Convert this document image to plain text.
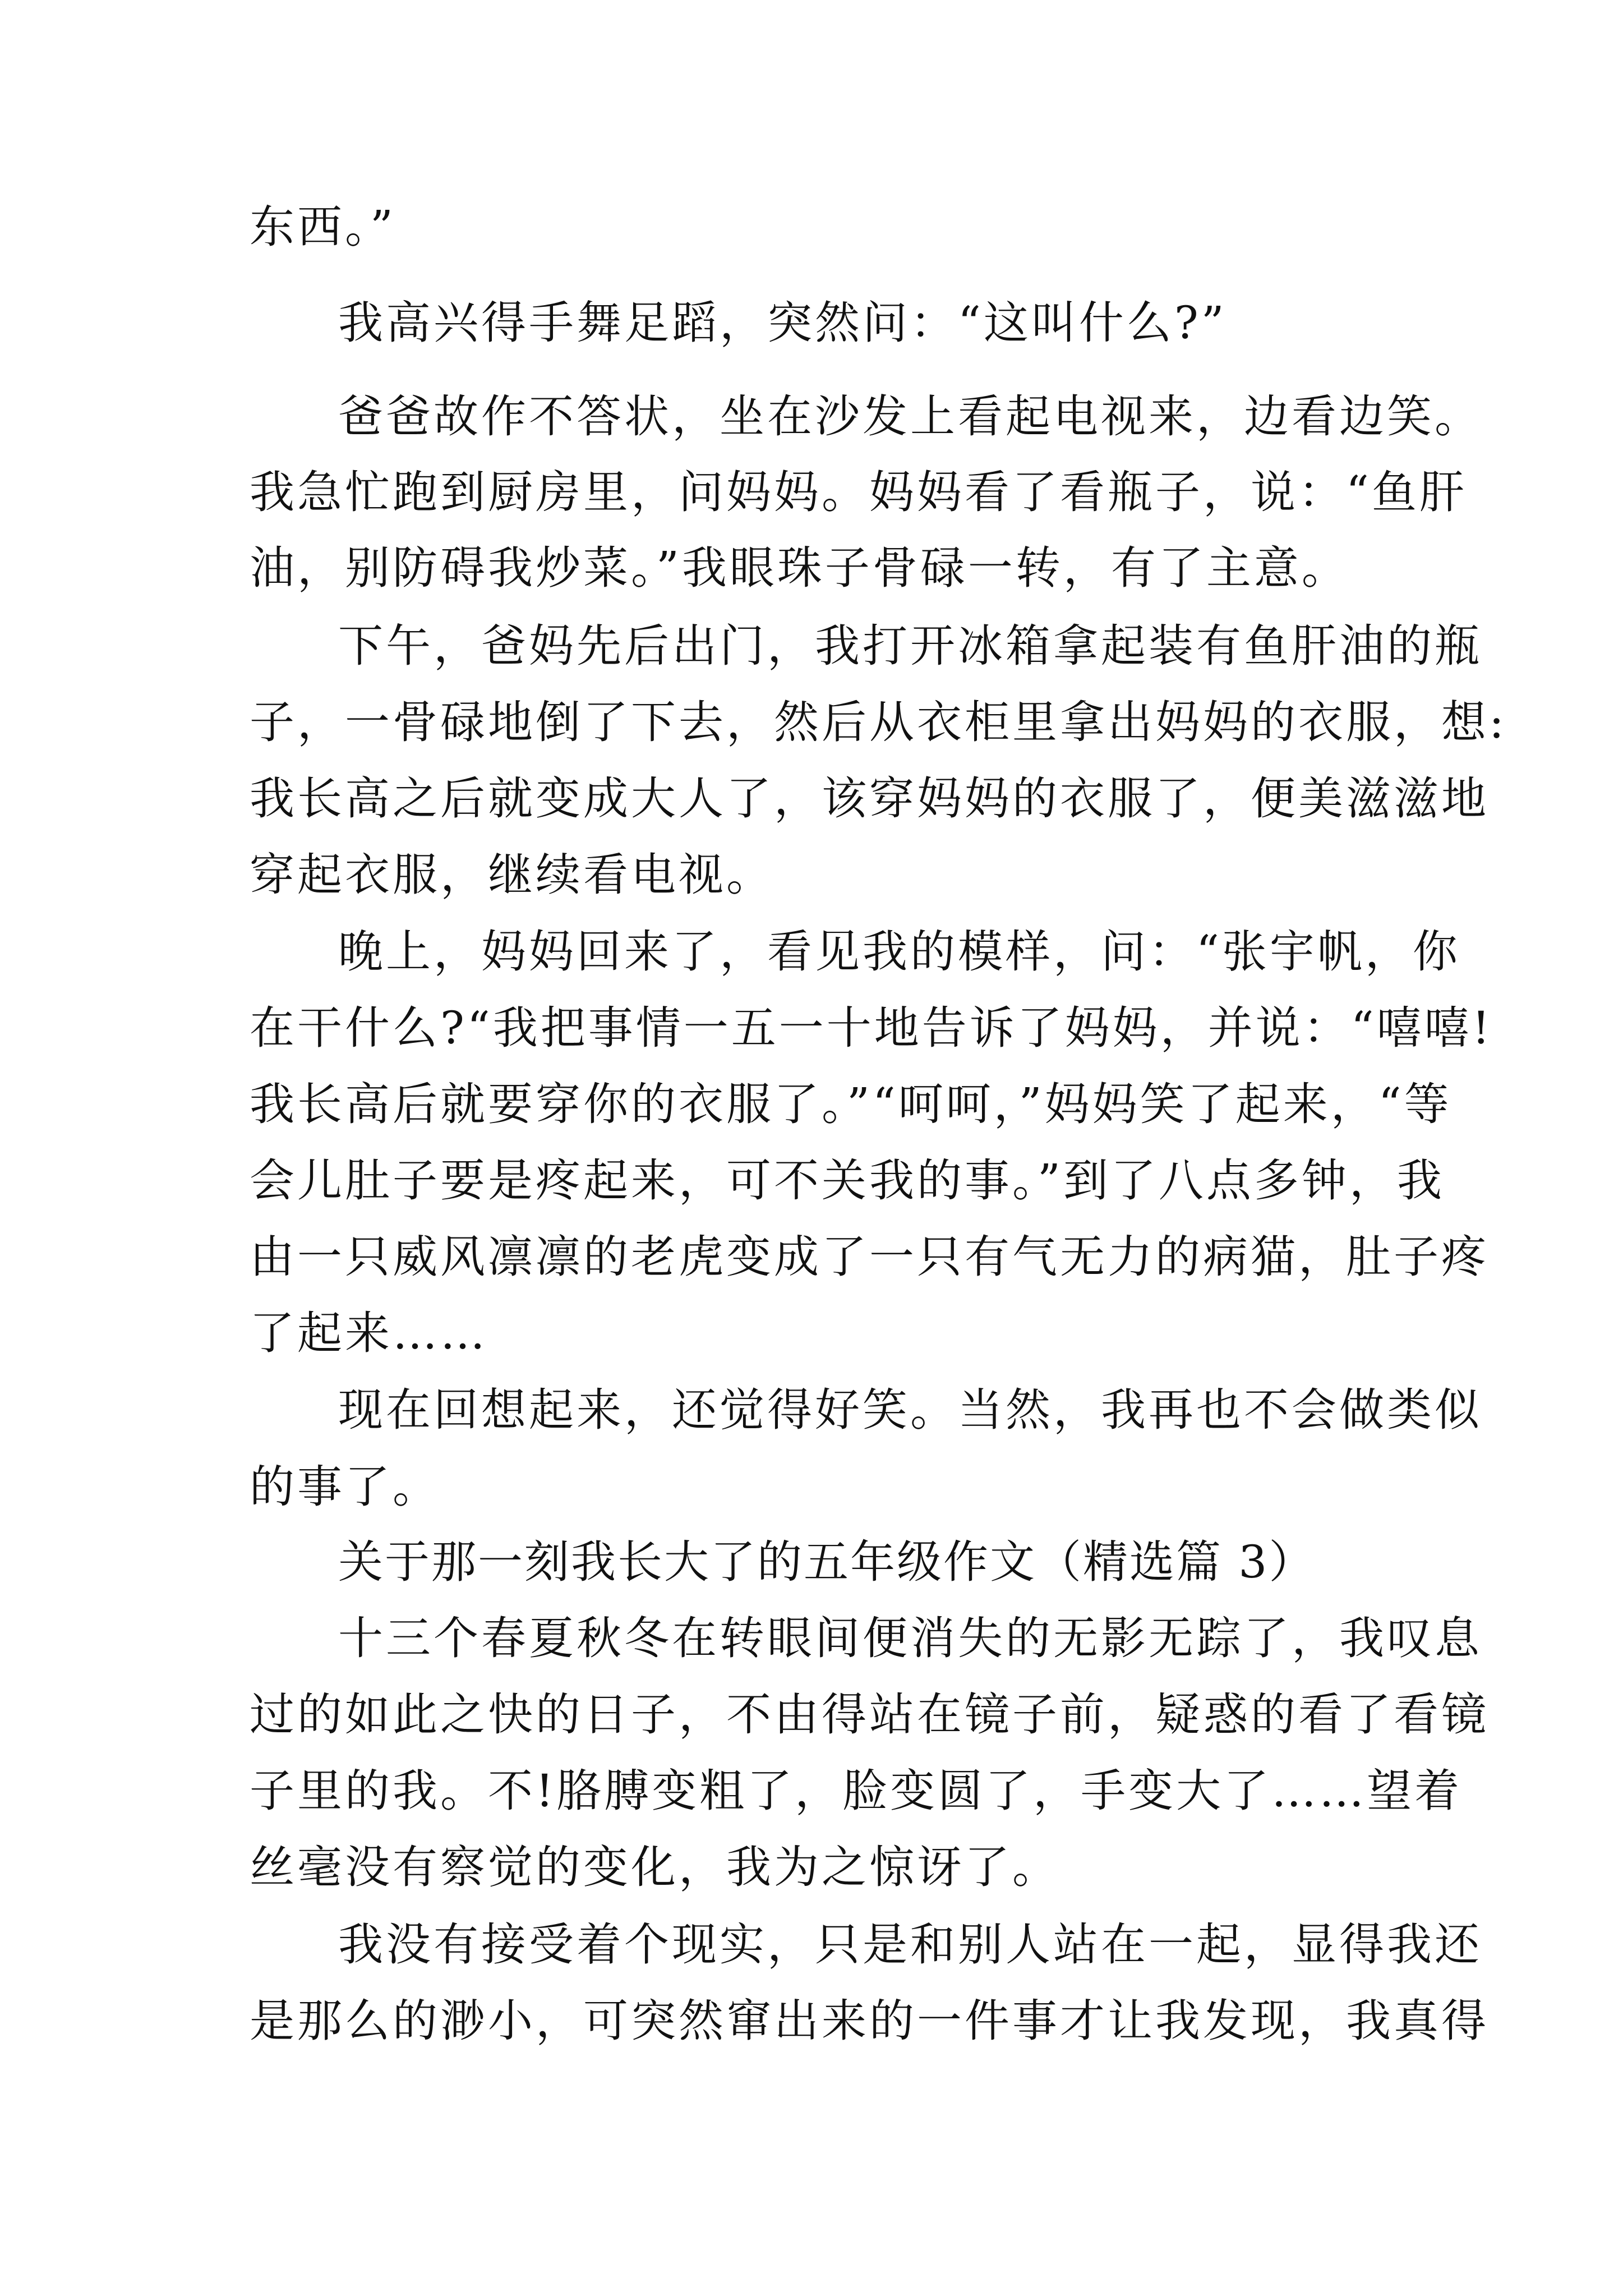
东西。”

我高兴得手舞足蹈，突然问：“这叫什么?”

爸爸故作不答状，坐在沙发上看起电视来，边看边笑。

我急忙跑到厨房里，问妈妈。妈妈看了看瓶子，说：“鱼肝

油，别防碍我炒菜。”我眼珠子骨碌一转，有了主意。

下午，爸妈先后出门，我打开冰箱拿起装有鱼肝油的瓶

子，一骨碌地倒了下去，然后从衣柜里拿出妈妈的衣服，想:

我长高之后就变成大人了，该穿妈妈的衣服了，便美滋滋地

穿起衣服，继续看电视。

晚上，妈妈回来了，看见我的模样，问：“张宇帆，你

在干什么?“我把事情一五一十地告诉了妈妈，并说：“嘻嘻!

我长高后就要穿你的衣服了。”“呵呵，”妈妈笑了起来，“等

会儿肚子要是疼起来，可不关我的事。”到了八点多钟，我

由一只威风凛凛的老虎变成了一只有气无力的病猫，肚子疼

了起来……

现在回想起来，还觉得好笑。当然，我再也不会做类似

的事了。

关于那一刻我长大了的五年级作文（精选篇 3）

十三个春夏秋冬在转眼间便消失的无影无踪了，我叹息

过的如此之快的日子，不由得站在镜子前，疑惑的看了看镜

子里的我。不!胳膊变粗了，脸变圆了，手变大了……望着

丝毫没有察觉的变化，我为之惊讶了。

我没有接受着个现实，只是和别人站在一起，显得我还

是那么的渺小，可突然窜出来的一件事才让我发现，我真得
